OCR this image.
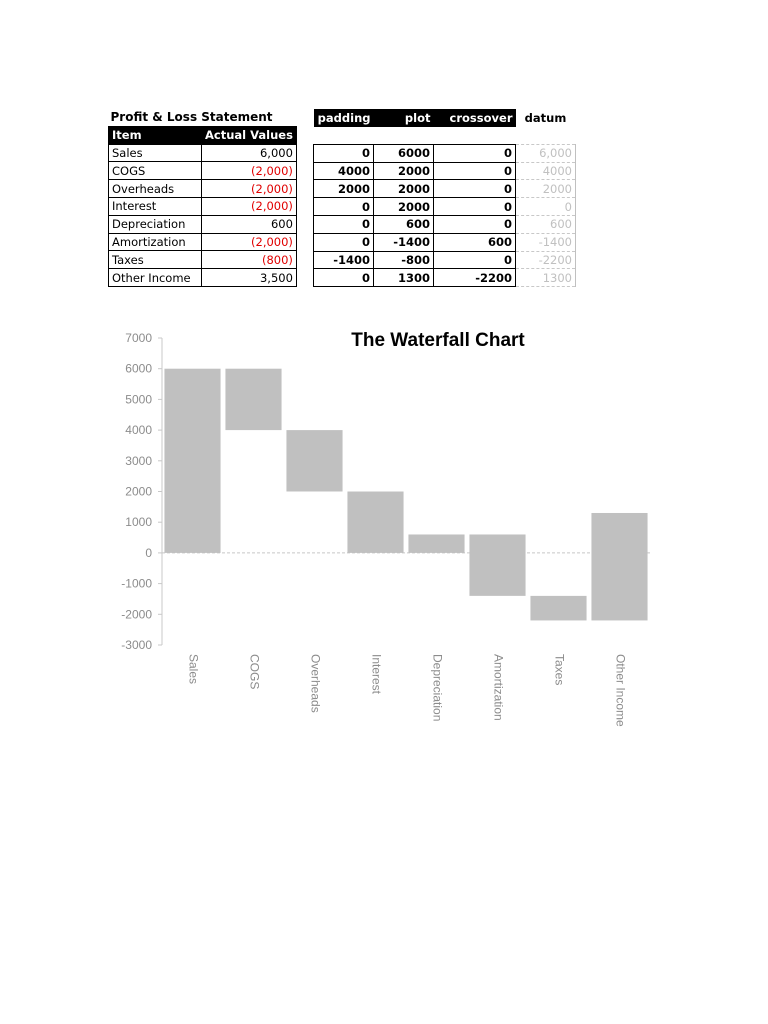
Profit & Loss Statement	
Item	Actual Values
Sales	6,000
COGS	(2,000)
Overheads	(2,000)
Interest	(2,000)
Depreciation	600
Amortization	(2,000)
Taxes	(800)
Other Income	3,500
padding	plot	crossover	datum

0	6000	0	6,000
4000	2000	0	4000
2000	2000	0	2000
0	2000	0	0
0	600	0	600
0	-1400	600	-1400
-1400	-800	0	-2200
0	1300	-2200	1300
The Waterfall Chart
7000
6000
5000
4000
3000
2000
1000
0
-1000
-2000
-3000
Sales	COGS	Overheads	Interest	Depreciation	Amortization	Taxes	Other Income
